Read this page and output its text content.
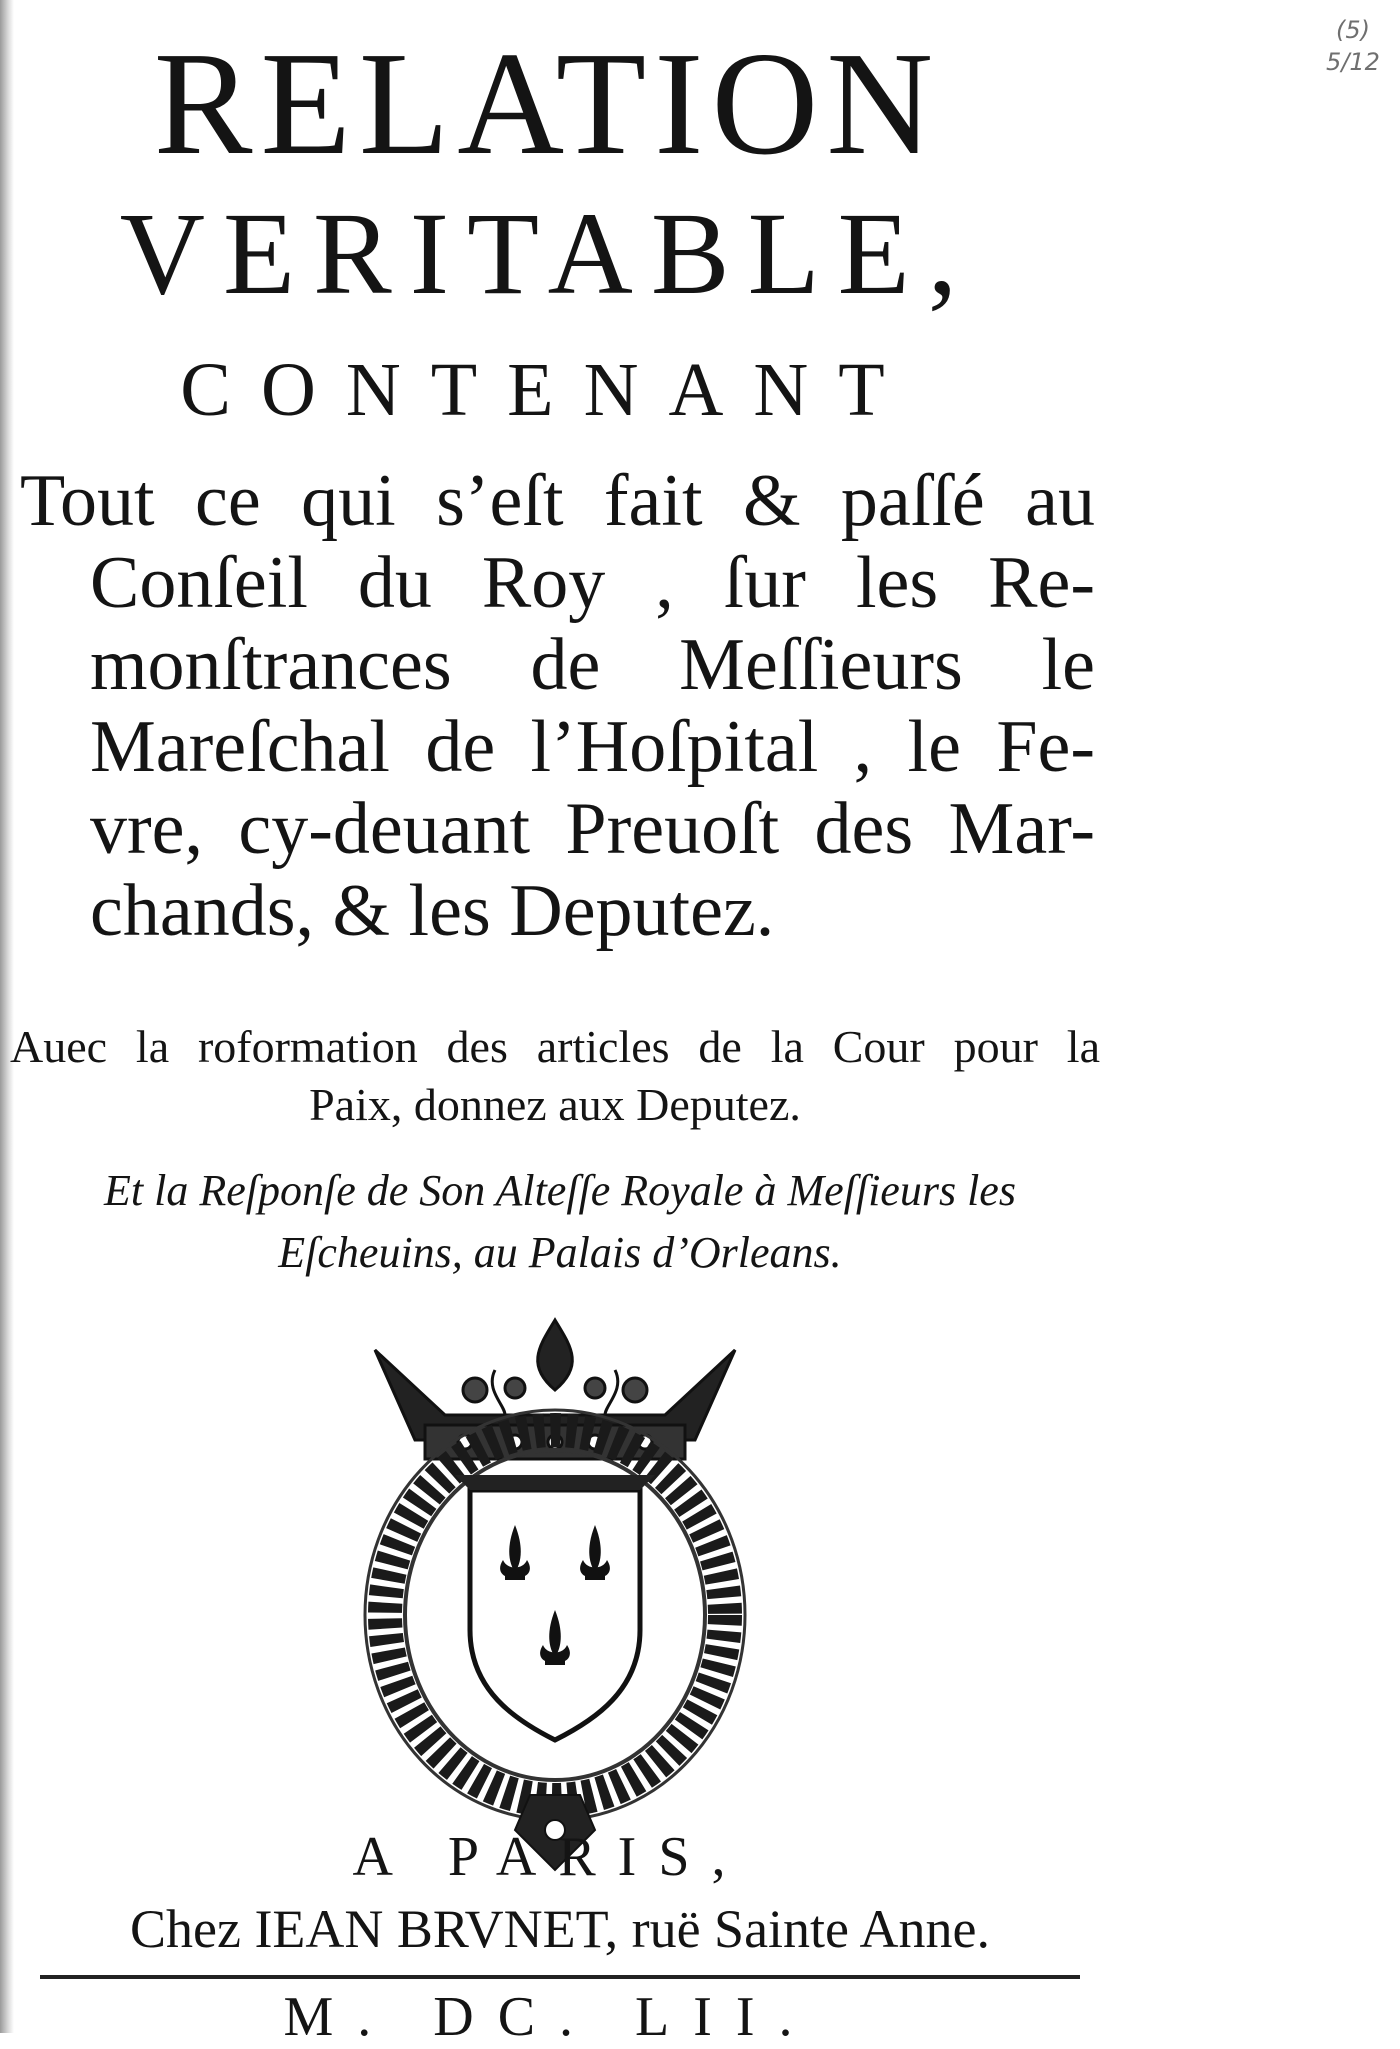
(5)
5/12
RELATION
VERITABLE,
CONTENANT
Tout ce qui s’eſt fait & paſſé au
Conſeil du Roy , ſur les Re-
monſtrances de Meſſieurs le
Mareſchal de l’Hoſpital , le Fe-
vre, cy-deuant Preuoſt des Mar-
chands, & les Deputez.
Auec la roformation des articles de la Cour pour la
Paix, donnez aux Deputez.
Et la Reſponſe de Son Alteſſe Royale à Meſſieurs les
Eſcheuins, au Palais d’Orleans.
A PARIS,
Chez IEAN BRVNET, ruë Sainte Anne.
M. DC. LII.
